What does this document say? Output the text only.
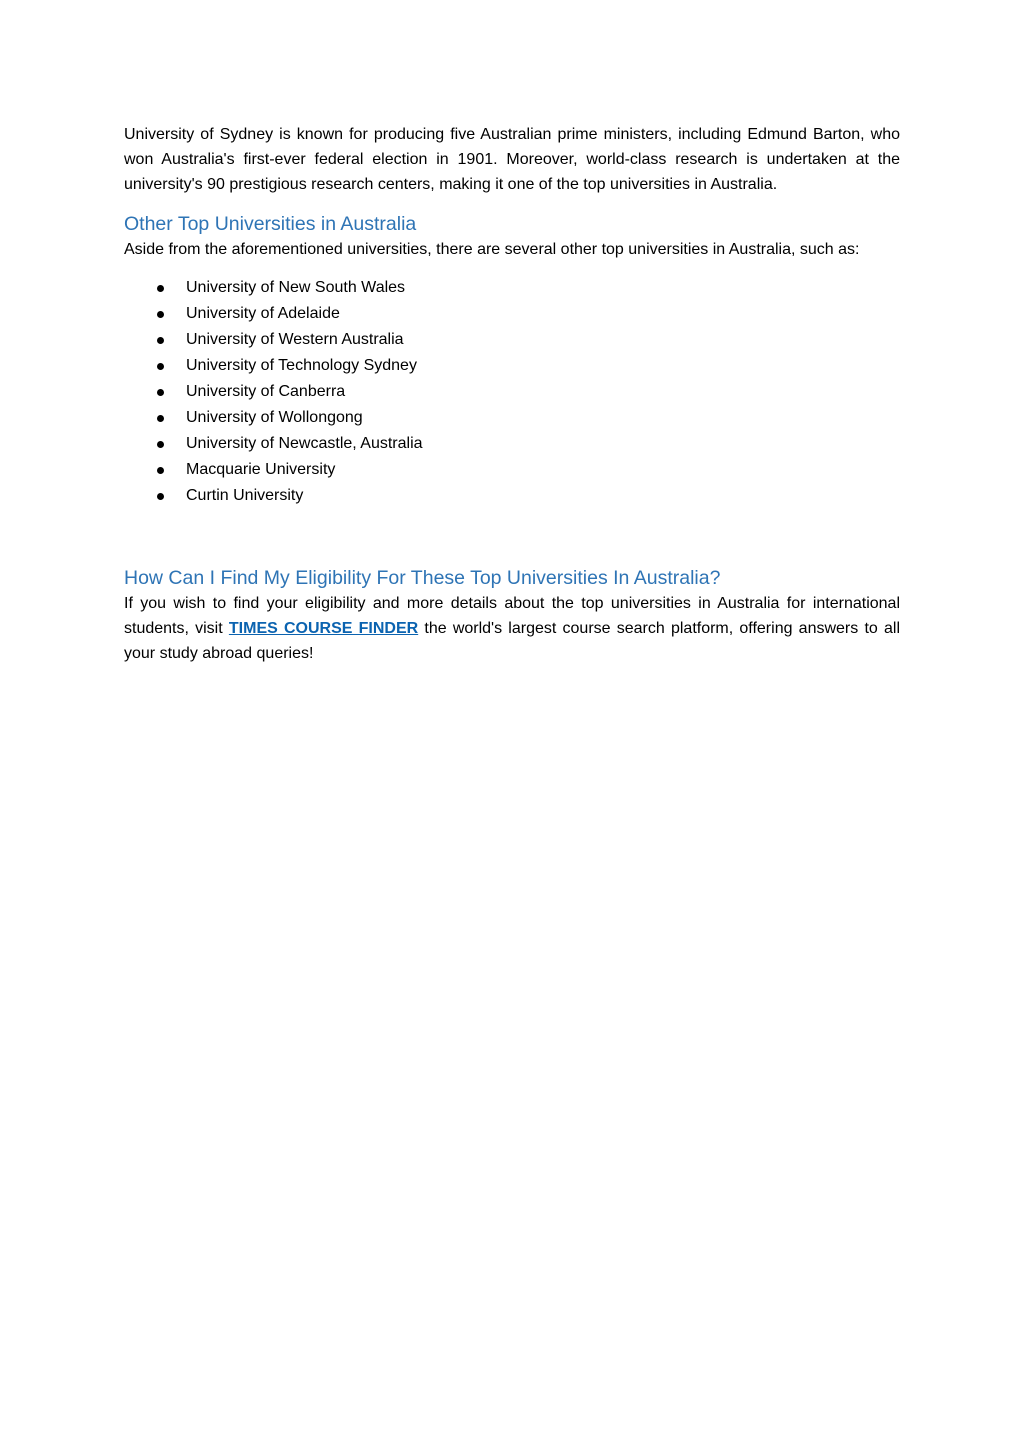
University of Sydney is known for producing five Australian prime ministers, including Edmund Barton, who won Australia's first-ever federal election in 1901. Moreover, world-class research is undertaken at the university's 90 prestigious research centers, making it one of the top universities in Australia.

Other Top Universities in Australia

Aside from the aforementioned universities, there are several other top universities in Australia, such as:

University of New South Wales
University of Adelaide
University of Western Australia
University of Technology Sydney
University of Canberra
University of Wollongong
University of Newcastle, Australia
Macquarie University
Curtin University
How Can I Find My Eligibility For These Top Universities In Australia?

If you wish to find your eligibility and more details about the top universities in Australia for international students, visit TIMES COURSE FINDER the world's largest course search platform, offering answers to all your study abroad queries!
